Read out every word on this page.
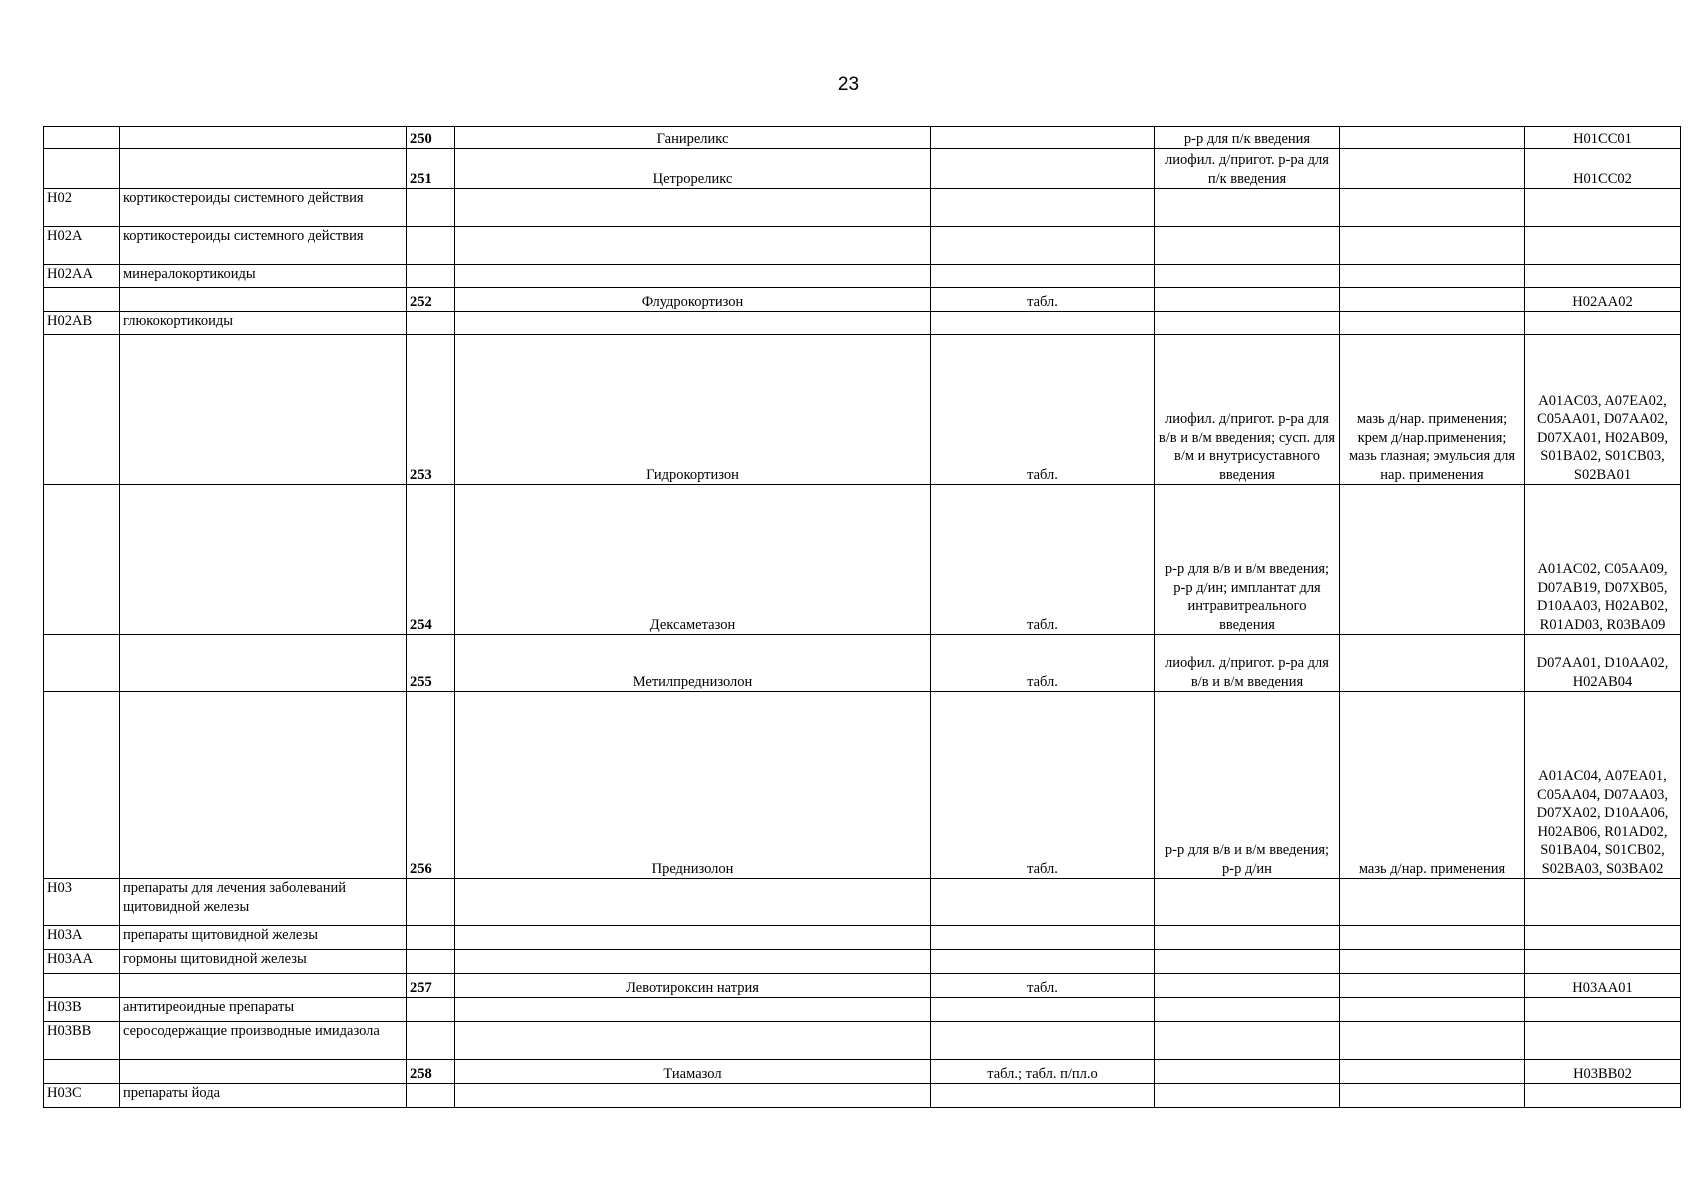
23
		250	Ганиреликс		р-р для п/к введения		H01CC01
		251	Цетрореликс		лиофил. д/пригот. р-ра для п/к введения		H01CC02
H02	кортикостероиды системного действия						
H02A	кортикостероиды системного действия						
H02AA	минералокортикоиды						
		252	Флудрокортизон	табл.			H02AA02
H02AB	глюкокортикоиды						
		253	Гидрокортизон	табл.	лиофил. д/пригот. р-ра для в/в и в/м введения; сусп. для в/м и внутрисуставного введения	мазь д/нар. применения; крем д/нар.применения; мазь глазная; эмульсия для нар. применения	A01AC03, A07EA02, C05AA01, D07AA02, D07XA01, H02AB09, S01BA02, S01CB03, S02BA01
		254	Дексаметазон	табл.	р-р для в/в и в/м введения; р-р д/ин; имплантат для интравитреального введения		A01AC02, C05AA09, D07AB19, D07XB05, D10AA03, H02AB02, R01AD03, R03BA09
		255	Метилпреднизолон	табл.	лиофил. д/пригот. р-ра для в/в и в/м введения		D07AA01, D10AA02, H02AB04
		256	Преднизолон	табл.	р-р для в/в и в/м введения; р-р д/ин	мазь д/нар. применения	A01AC04, A07EA01, C05AA04, D07AA03, D07XA02, D10AA06, H02AB06, R01AD02, S01BA04, S01CB02, S02BA03, S03BA02
H03	препараты для лечения заболеваний щитовидной железы						
H03A	препараты щитовидной железы						
H03AA	гормоны щитовидной железы						
		257	Левотироксин натрия	табл.			H03AA01
H03B	антитиреоидные препараты						
H03BB	серосодержащие производные имидазола						
		258	Тиамазол	табл.; табл. п/пл.о			H03BB02
H03C	препараты йода						
